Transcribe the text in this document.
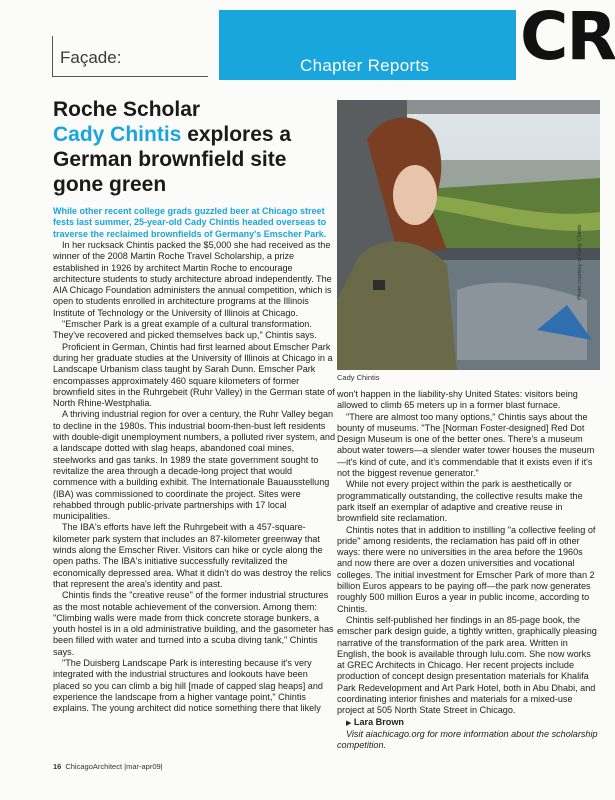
Façade:	Chapter Reports CR
Roche Scholar
Cady Chintis explores a German brownfield site gone green
While other recent college grads guzzled beer at Chicago street fests last summer, 25-year-old Cady Chintis headed overseas to traverse the reclaimed brownfields of Germany's Emscher Park.

In her rucksack Chintis packed the $5,000 she had received as the winner of the 2008 Martin Roche Travel Scholarship, a prize established in 1926 by architect Martin Roche to encourage architecture students to study architecture abroad independently. The AIA Chicago Foundation administers the annual competition, which is open to students enrolled in architecture programs at the Illinois Institute of Technology or the University of Illinois at Chicago.

"Emscher Park is a great example of a cultural transformation. They've recovered and picked themselves back up," Chintis says.

Proficient in German, Chintis had first learned about Emscher Park during her graduate studies at the University of Illinois at Chicago in a Landscape Urbanism class taught by Sarah Dunn. Emscher Park encompasses approximately 460 square kilometers of former brownfield sites in the Ruhrgebeit (Ruhr Valley) in the German state of North Rhine-Westphalia.

A thriving industrial region for over a century, the Ruhr Valley began to decline in the 1980s. This industrial boom-then-bust left residents with double-digit unemployment numbers, a polluted river system, and a landscape dotted with slag heaps, abandoned coal mines, steelworks and gas tanks. In 1989 the state government sought to revitalize the area through a decade-long project that would commence with a building exhibit. The Internationale Bauausstellung (IBA) was commissioned to coordinate the project. Sites were rehabbed through public-private partnerships with 17 local municipalities.

The IBA's efforts have left the Ruhrgebeit with a 457-square-kilometer park system that includes an 87-kilometer greenway that winds along the Emscher River. Visitors can hike or cycle along the open paths. The IBA's initiative successfully revitalized the economically depressed area. What it didn't do was destroy the relics that represent the area's identity and past.

Chintis finds the "creative reuse" of the former industrial structures as the most notable achievement of the conversion. Among them: "Climbing walls were made from thick concrete storage bunkers, a youth hostel is in a old administrative building, and the gasometer has been filled with water and turned into a scuba diving tank," Chintis says.

"The Duisberg Landscape Park is interesting because it's very integrated with the industrial structures and lookouts have been placed so you can climb a big hill [made of capped slag heaps] and experience the landscape from a higher vantage point," Chintis explains. The young architect did notice something there that likely

Photo courtesy of Cady Chintis
Cady Chintis

won't happen in the liability-shy United States: visitors being allowed to climb 65 meters up in a former blast furnace.

"There are almost too many options," Chintis says about the bounty of museums. "The [Norman Foster-designed] Red Dot Design Museum is one of the better ones. There's a museum about water towers—a slender water tower houses the museum—it's kind of cute, and it's commendable that it exists even if it's not the biggest revenue generator."

While not every project within the park is aesthetically or programmatically outstanding, the collective results make the park itself an exemplar of adaptive and creative reuse in brownfield site reclamation.

Chintis notes that in addition to instilling "a collective feeling of pride" among residents, the reclamation has paid off in other ways: there were no universities in the area before the 1960s and now there are over a dozen universities and vocational colleges. The initial investment for Emscher Park of more than 2 billion Euros appears to be paying off—the park now generates roughly 500 million Euros a year in public income, according to Chintis.

Chintis self-published her findings in an 85-page book, the emscher park design guide, a tightly written, graphically pleasing narrative of the transformation of the park area. Written in English, the book is available through lulu.com. She now works at GREC Architects in Chicago. Her recent projects include production of concept design presentation materials for Khalifa Park Redevelopment and Art Park Hotel, both in Abu Dhabi, and coordinating interior finishes and materials for a mixed-use project at 505 North State Street in Chicago.

▶ Lara Brown

Visit aiachicago.org for more information about the scholarship competition.

16 ChicagoArchitect |mar-apr09|
